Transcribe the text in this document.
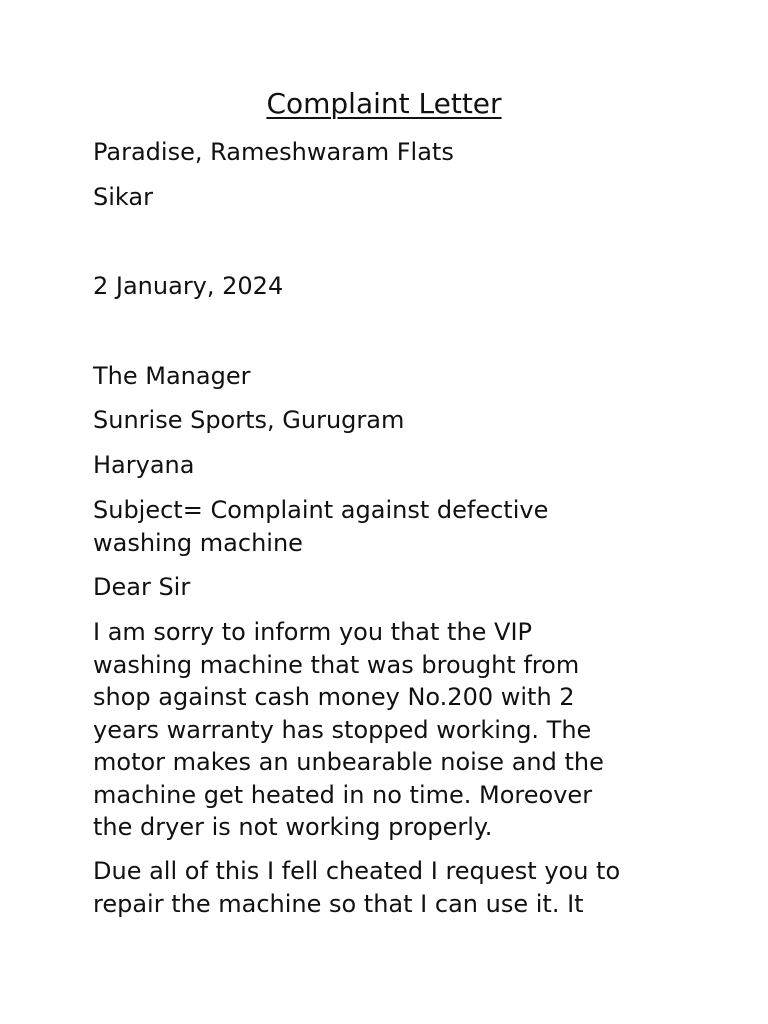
Complaint Letter
Paradise, Rameshwaram Flats
Sikar
2 January, 2024
The Manager
Sunrise Sports, Gurugram
Haryana
Subject= Complaint against defective
washing machine
Dear Sir
I am sorry to inform you that the VIP
washing machine that was brought from
shop against cash money No.200 with 2
years warranty has stopped working. The
motor makes an unbearable noise and the
machine get heated in no time. Moreover
the dryer is not working properly.
Due all of this I fell cheated I request you to
repair the machine so that I can use it. It
